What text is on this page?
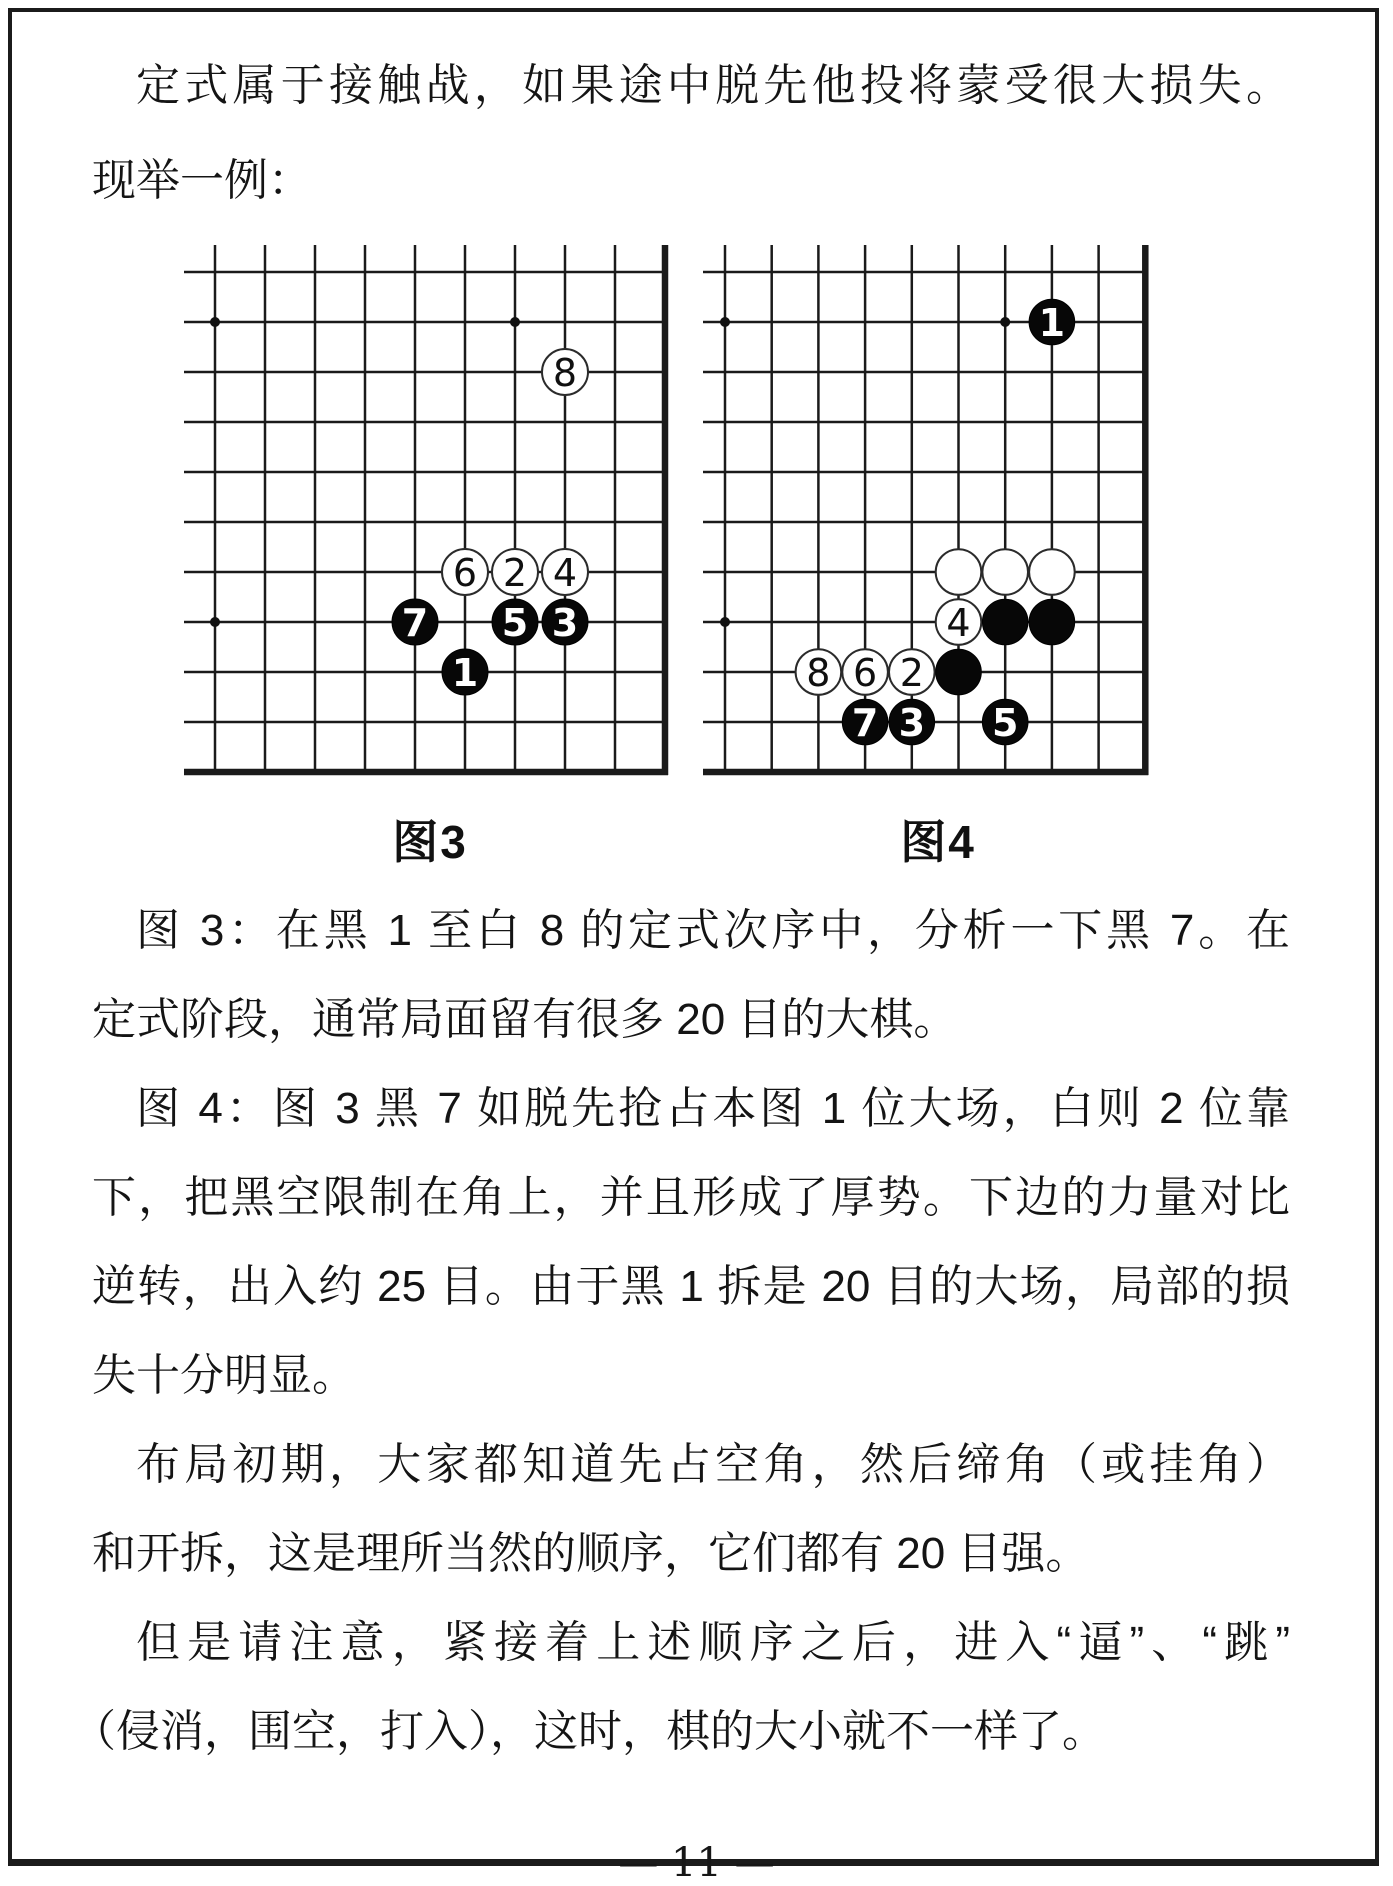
定式属于接触战，如果途中脱先他投将蒙受很大损失。
现举一例：
图 3：在黑 1 至白 8 的定式次序中，分析一下黑 7。在
定式阶段，通常局面留有很多 20 目的大棋。
图 4：图 3 黑 7 如脱先抢占本图 1 位大场，白则 2 位靠
下，把黑空限制在角上，并且形成了厚势。下边的力量对比
逆转，出入约 25 目。由于黑 1 拆是 20 目的大场，局部的损
失十分明显。
布局初期，大家都知道先占空角，然后缔角（或挂角）
和开拆，这是理所当然的顺序，它们都有 20 目强。
但是请注意，紧接着上述顺序之后，进入“逼”、“跳”
（侵消，围空，打入），这时，棋的大小就不一样了。
8
6 2 4
7 5 3
1
1
4
8 6 2
7 3 5
图3	图4
— 11 —
